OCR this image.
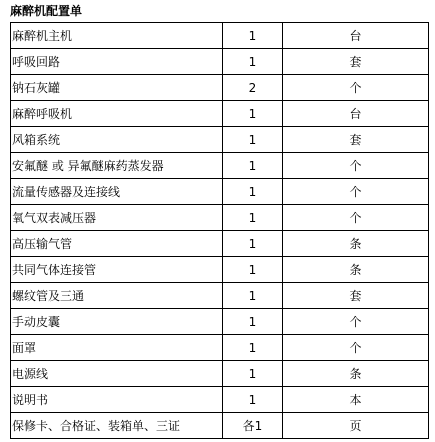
麻醉机配置单
麻醉机主机	1	台
呼吸回路	1	套
钠石灰罐	2	个
麻醉呼吸机	1	台
风箱系统	1	套
安氟醚 或 异氟醚麻药蒸发器	1	个
流量传感器及连接线	1	个
氧气双表减压器	1	个
高压输气管	1	条
共同气体连接管	1	条
螺纹管及三通	1	套
手动皮囊	1	个
面罩	1	个
电源线	1	条
说明书	1	本
保修卡、合格证、装箱单、三证	各1	页
